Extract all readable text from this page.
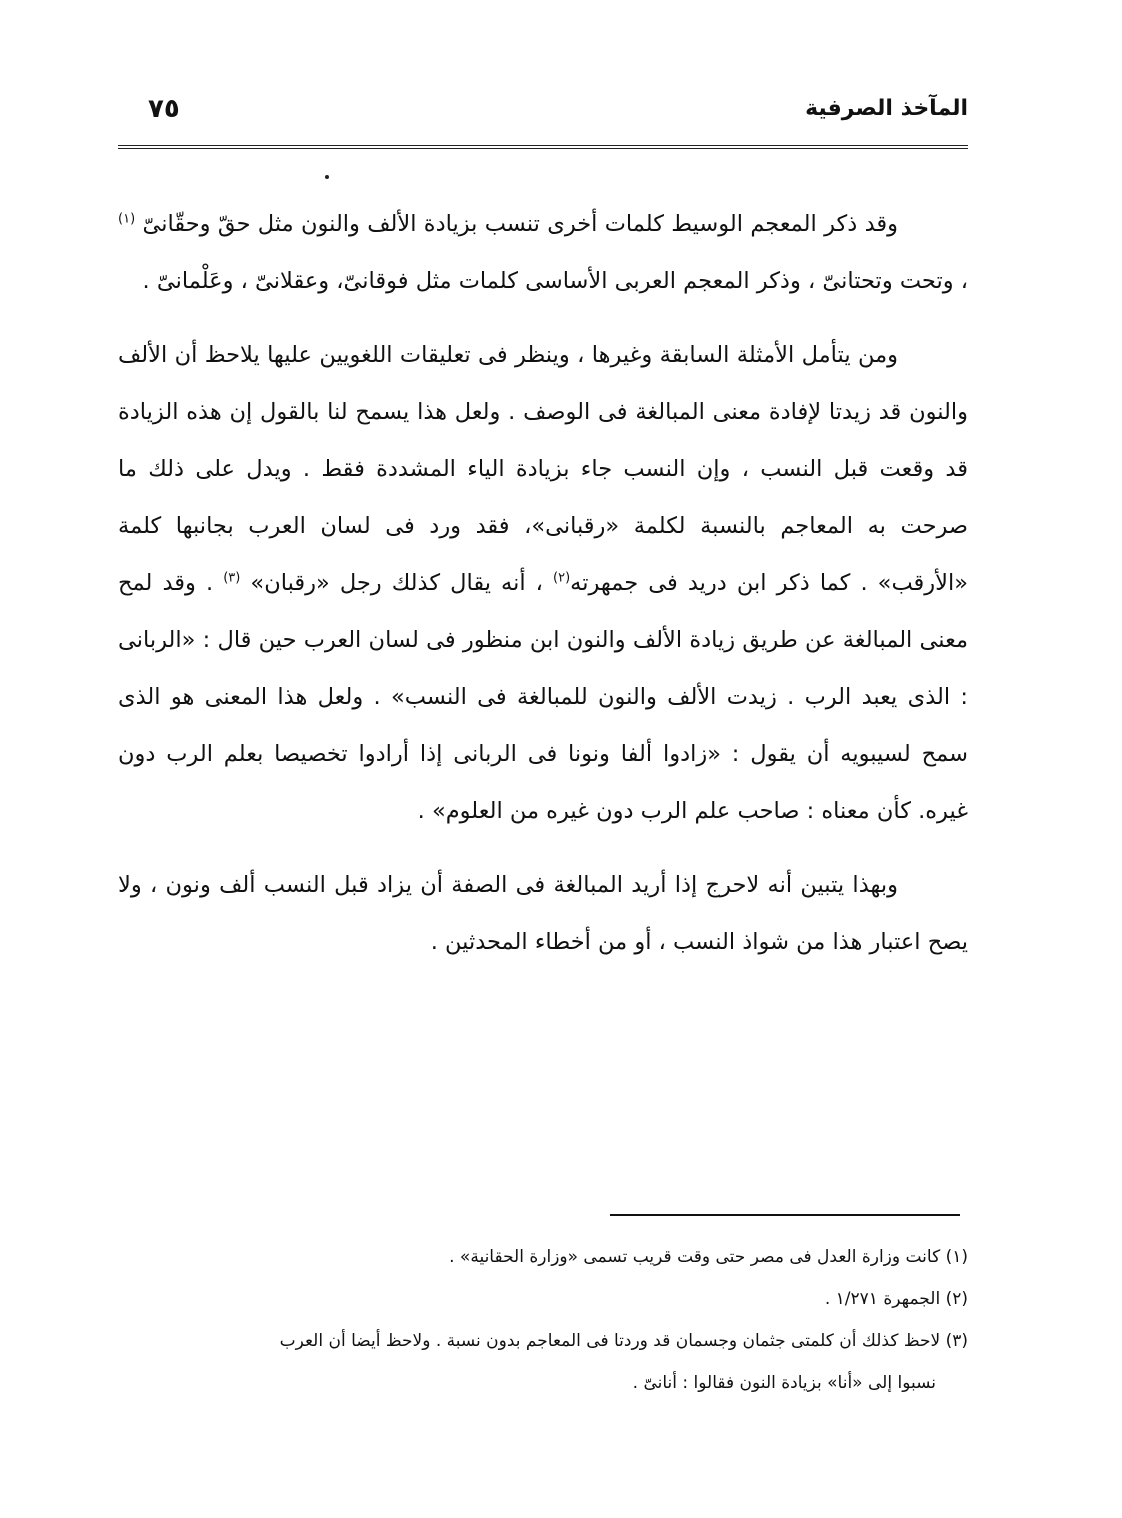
المآخذ الصرفية
٧٥

وقد ذكر المعجم الوسيط كلمات أخرى تنسب بزيادة الألف والنون مثل حقّ وحقّانىّ $^{(١)}$ ، وتحت وتحتانىّ ، وذكر المعجم العربى الأساسى كلمات مثل فوقانىّ، وعقلانىّ ، وعَلْمانىّ .

ومن يتأمل الأمثلة السابقة وغيرها ، وينظر فى تعليقات اللغويين عليها يلاحظ أن الألف والنون قد زيدتا لإفادة معنى المبالغة فى الوصف . ولعل هذا يسمح لنا بالقول إن هذه الزيادة قد وقعت قبل النسب ، وإن النسب جاء بزيادة الياء المشددة فقط . ويدل على ذلك ما صرحت به المعاجم بالنسبة لكلمة «رقبانى»، فقد ورد فى لسان العرب بجانبها كلمة «الأرقب» . كما ذكر ابن دريد فى جمهرته$^{(٢)}$ ، أنه يقال كذلك رجل «رقبان» $^{(٣)}$ . وقد لمح معنى المبالغة عن طريق زيادة الألف والنون ابن منظور فى لسان العرب حين قال : «الربانى : الذى يعبد الرب . زيدت الألف والنون للمبالغة فى النسب» . ولعل هذا المعنى هو الذى سمح لسيبويه أن يقول : «زادوا ألفا ونونا فى الربانى إذا أرادوا تخصيصا بعلم الرب دون غيره. كأن معناه : صاحب علم الرب دون غيره من العلوم» .

وبهذا يتبين أنه لاحرج إذا أريد المبالغة فى الصفة أن يزاد قبل النسب ألف ونون ، ولا يصح اعتبار هذا من شواذ النسب ، أو من أخطاء المحدثين .

(١) كانت وزارة العدل فى مصر حتى وقت قريب تسمى «وزارة الحقانية» .
(٢) الجمهرة ١/٢٧١ .
(٣) لاحظ كذلك أن كلمتى جثمان وجسمان قد وردتا فى المعاجم بدون نسبة . ولاحظ أيضا أن العرب
نسبوا إلى «أنا» بزيادة النون فقالوا : أنانىّ .
